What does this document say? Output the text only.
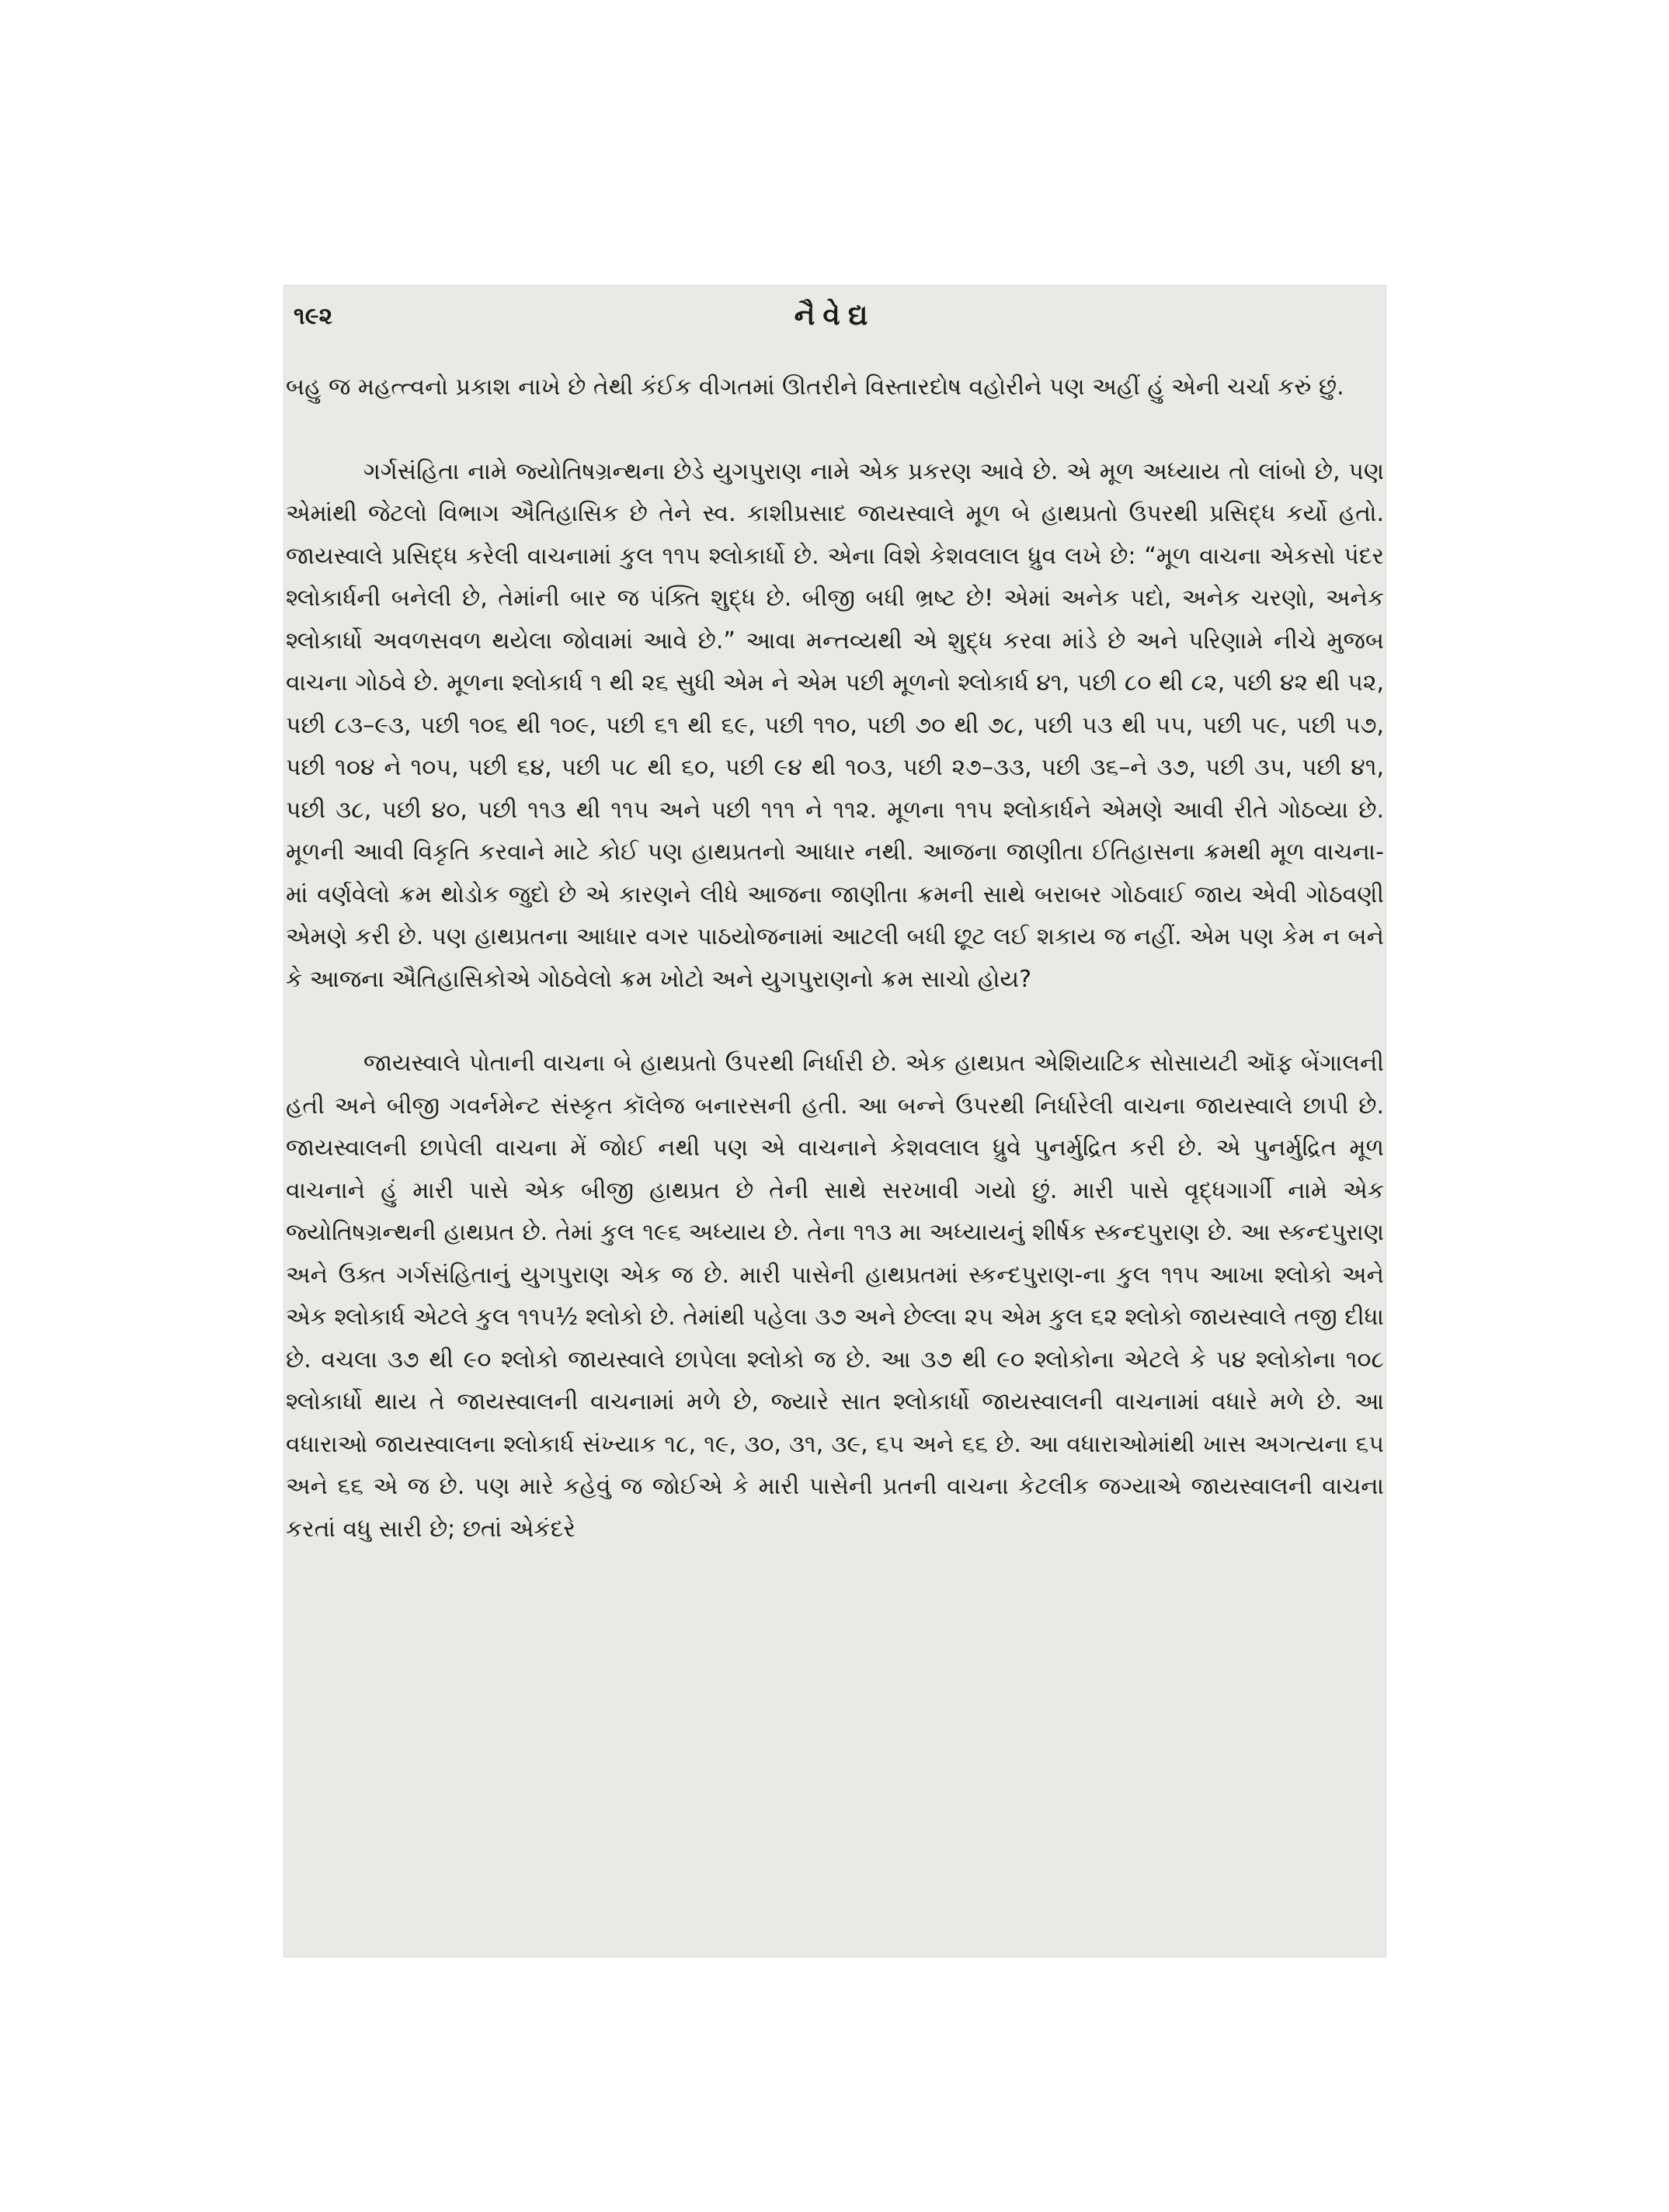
૧૯૨	નૈવેદ્ય

બહુ જ મહત્ત્વનો પ્રકાશ નાખે છે તેથી કંઈક વીગતમાં ઊતરીને વિસ્તારદોષ વહોરીને પણ અહીં હું એની ચર્ચા કરું છું.

ગર્ગસંહિતા નામે જ્યોતિષગ્રન્થના છેડે યુગપુરાણ નામે એક પ્રકરણ આવે છે. એ મૂળ અધ્યાય તો લાંબો છે, પણ એમાંથી જેટલો વિભાગ ઐતિહાસિક છે તેને સ્વ. કાશીપ્રસાદ જાયસ્વાલે મૂળ બે હાથપ્રતો ઉપરથી પ્રસિદ્ધ કર્યો હતો. જાયસ્વાલે પ્રસિદ્ધ કરેલી વાચનામાં કુલ ૧૧૫ શ્લોકાર્ધો છે. એના વિશે કેશવલાલ ધ્રુવ લખે છે: “મૂળ વાચના એકસો પંદર શ્લોકાર્ધની બનેલી છે, તેમાંની બાર જ પંક્તિ શુદ્ધ છે. બીજી બધી ભ્રષ્ટ છે! એમાં અનેક પદો, અનેક ચરણો, અનેક શ્લોકાર્ધો અવળસવળ થયેલા જોવામાં આવે છે.” આવા મન્તવ્યથી એ શુદ્ધ કરવા માંડે છે અને પરિણામે નીચે મુજબ વાચના ગોઠવે છે. મૂળના શ્લોકાર્ધ ૧ થી ૨૬ સુધી એમ ને એમ પછી મૂળનો શ્લોકાર્ધ ૪૧, પછી ૮૦ થી ૮૨, પછી ૪૨ થી ૫૨, પછી ૮૩–૯૩, પછી ૧૦૬ થી ૧૦૯, પછી ૬૧ થી ૬૯, પછી ૧૧૦, પછી ૭૦ થી ૭૮, પછી ૫૩ થી ૫૫, પછી ૫૯, પછી ૫૭, પછી ૧૦૪ ને ૧૦૫, પછી ૬૪, પછી ૫૮ થી ૬૦, પછી ૯૪ થી ૧૦૩, પછી ૨૭–૩૩, પછી ૩૬–ને ૩૭, પછી ૩૫, પછી ૪૧, પછી ૩૮, પછી ૪૦, પછી ૧૧૩ થી ૧૧૫ અને પછી ૧૧૧ ને ૧૧૨. મૂળના ૧૧૫ શ્લોકાર્ધને એમણે આવી રીતે ગોઠવ્યા છે. મૂળની આવી વિકૃતિ કરવાને માટે કોઈ પણ હાથપ્રતનો આધાર નથી. આજના જાણીતા ઈતિહાસના ક્રમથી મૂળ વાચના-માં વર્ણવેલો ક્રમ થોડોક જુદો છે એ કારણને લીધે આજના જાણીતા ક્રમની સાથે બરાબર ગોઠવાઈ જાય એવી ગોઠવણી એમણે કરી છે. પણ હાથપ્રતના આધાર વગર પાઠયોજનામાં આટલી બધી છૂટ લઈ શકાય જ નહીં. એમ પણ કેમ ન બને કે આજના ઐતિહાસિકોએ ગોઠવેલો ક્રમ ખોટો અને યુગપુરાણનો ક્રમ સાચો હોય?

જાયસ્વાલે પોતાની વાચના બે હાથપ્રતો ઉપરથી નિર્ધારી છે. એક હાથપ્રત એશિયાટિક સોસાયટી ઑફ બેંગાલની હતી અને બીજી ગવર્નમેન્ટ સંસ્કૃત કૉલેજ બનારસની હતી. આ બન્ને ઉપરથી નિર્ધારેલી વાચના જાયસ્વાલે છાપી છે. જાયસ્વાલની છાપેલી વાચના મેં જોઈ નથી પણ એ વાચનાને કેશવલાલ ધ્રુવે પુનર્મુદ્રિત કરી છે. એ પુનર્મુદ્રિત મૂળ વાચનાને હું મારી પાસે એક બીજી હાથપ્રત છે તેની સાથે સરખાવી ગયો છું. મારી પાસે વૃદ્ધગાર્ગી નામે એક જ્યોતિષગ્રન્થની હાથપ્રત છે. તેમાં કુલ ૧૯૬ અધ્યાય છે. તેના ૧૧૩ મા અધ્યાયનું શીર્ષક સ્કન્દપુરાણ છે. આ સ્કન્દપુરાણ અને ઉક્ત ગર્ગસંહિતાનું યુગપુરાણ એક જ છે. મારી પાસેની હાથપ્રતમાં સ્કન્દપુરાણ-ના કુલ ૧૧૫ આખા શ્લોકો અને એક શ્લોકાર્ધ એટલે કુલ ૧૧૫½ શ્લોકો છે. તેમાંથી પહેલા ૩૭ અને છેલ્લા ૨૫ એમ કુલ ૬૨ શ્લોકો જાયસ્વાલે તજી દીધા છે. વચલા ૩૭ થી ૯૦ શ્લોકો જાયસ્વાલે છાપેલા શ્લોકો જ છે. આ ૩૭ થી ૯૦ શ્લોકોના એટલે કે ૫૪ શ્લોકોના ૧૦૮ શ્લોકાર્ધો થાય તે જાયસ્વાલની વાચનામાં મળે છે, જ્યારે સાત શ્લોકાર્ધો જાયસ્વાલની વાચનામાં વધારે મળે છે. આ વધારાઓ જાયસ્વાલના શ્લોકાર્ધ સંખ્યાક ૧૮, ૧૯, ૩૦, ૩૧, ૩૯, ૬૫ અને ૬૬ છે. આ વધારાઓમાંથી ખાસ અગત્યના ૬૫ અને ૬૬ એ જ છે. પણ મારે કહેવું જ જોઈએ કે મારી પાસેની પ્રતની વાચના કેટલીક જગ્યાએ જાયસ્વાલની વાચના કરતાં વધુ સારી છે; છતાં એકંદરે
